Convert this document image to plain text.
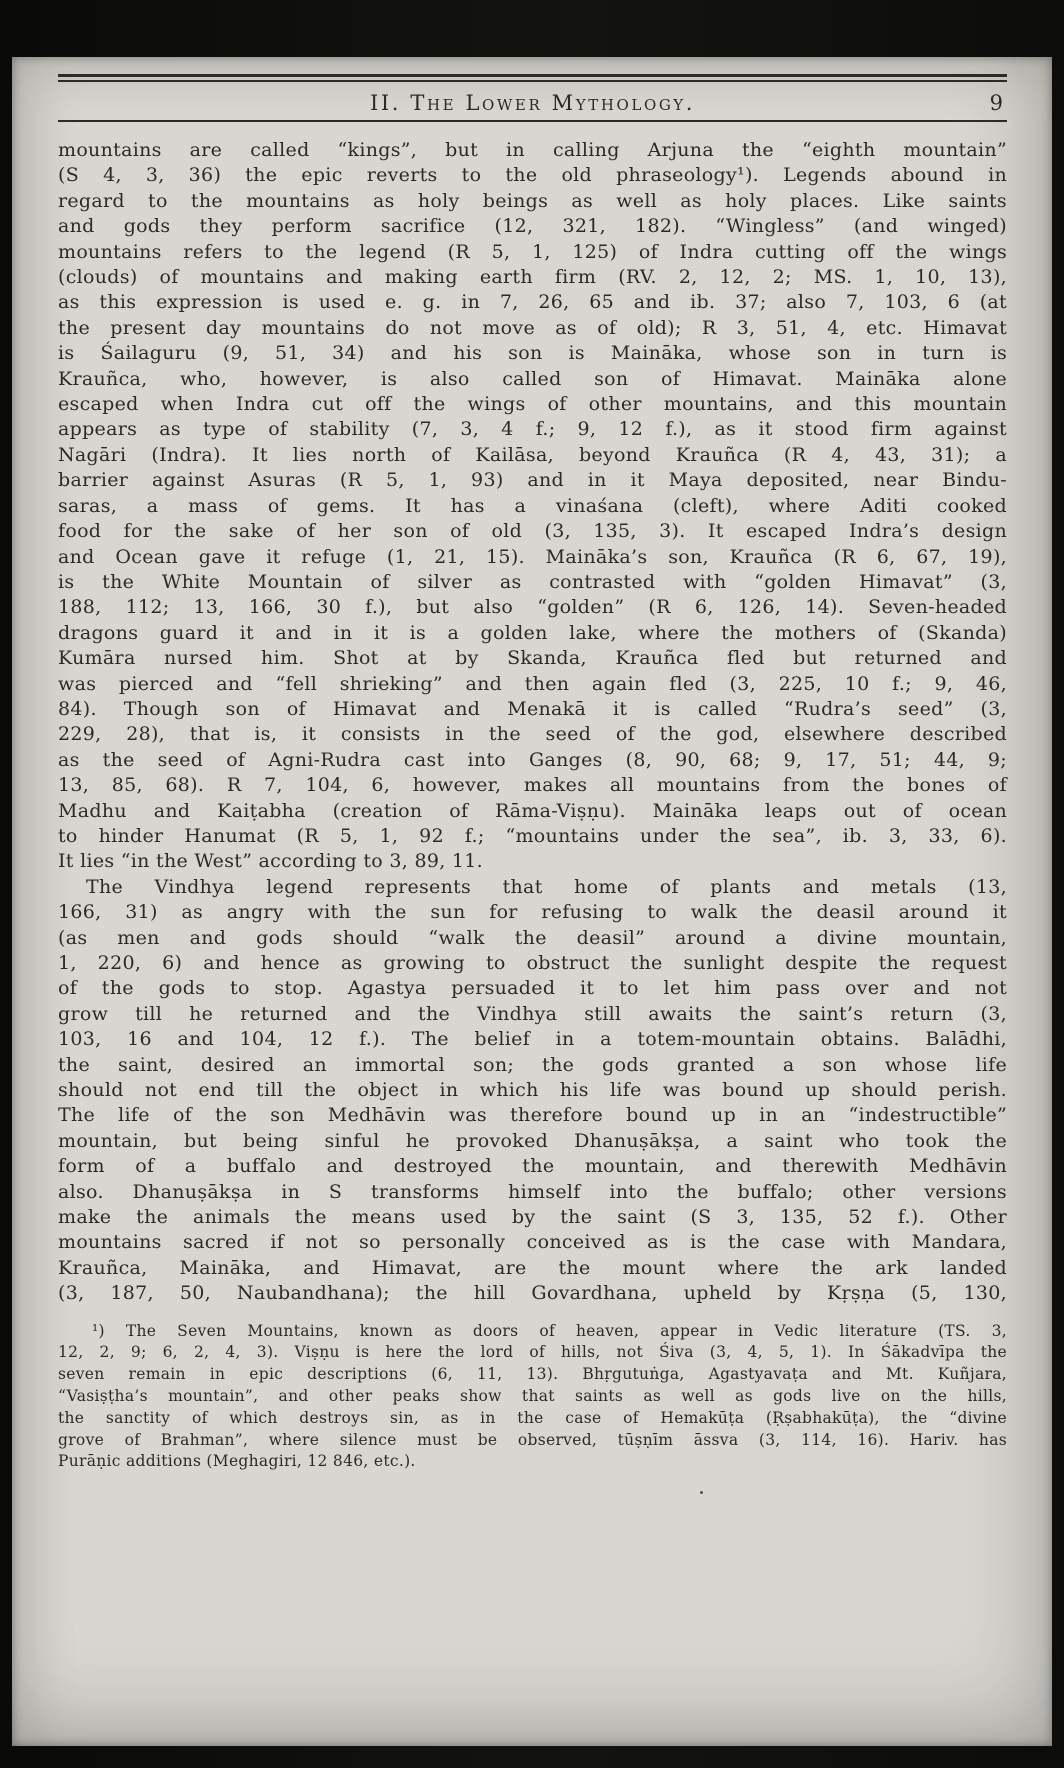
II. The Lower Mythology.	9
mountains are called “kings”, but in calling Arjuna the “eighth mountain”
(S 4, 3, 36) the epic reverts to the old phraseology¹). Legends abound in
regard to the mountains as holy beings as well as holy places. Like saints
and gods they perform sacrifice (12, 321, 182). “Wingless” (and winged)
mountains refers to the legend (R 5, 1, 125) of Indra cutting off the wings
(clouds) of mountains and making earth firm (RV. 2, 12, 2; MS. 1, 10, 13),
as this expression is used e. g. in 7, 26, 65 and ib. 37; also 7, 103, 6 (at
the present day mountains do not move as of old); R 3, 51, 4, etc. Himavat
is Śailaguru (9, 51, 34) and his son is Maināka, whose son in turn is
Krauñca, who, however, is also called son of Himavat. Maināka alone
escaped when Indra cut off the wings of other mountains, and this mountain
appears as type of stability (7, 3, 4 f.; 9, 12 f.), as it stood firm against
Nagāri (Indra). It lies north of Kailāsa, beyond Krauñca (R 4, 43, 31); a
barrier against Asuras (R 5, 1, 93) and in it Maya deposited, near Bindu-
saras, a mass of gems. It has a vinaśana (cleft), where Aditi cooked
food for the sake of her son of old (3, 135, 3). It escaped Indra’s design
and Ocean gave it refuge (1, 21, 15). Maināka’s son, Krauñca (R 6, 67, 19),
is the White Mountain of silver as contrasted with “golden Himavat” (3,
188, 112; 13, 166, 30 f.), but also “golden” (R 6, 126, 14). Seven-headed
dragons guard it and in it is a golden lake, where the mothers of (Skanda)
Kumāra nursed him. Shot at by Skanda, Krauñca fled but returned and
was pierced and “fell shrieking” and then again fled (3, 225, 10 f.; 9, 46,
84). Though son of Himavat and Menakā it is called “Rudra’s seed” (3,
229, 28), that is, it consists in the seed of the god, elsewhere described
as the seed of Agni-Rudra cast into Ganges (8, 90, 68; 9, 17, 51; 44, 9;
13, 85, 68). R 7, 104, 6, however, makes all mountains from the bones of
Madhu and Kaiṭabha (creation of Rāma-Viṣṇu). Maināka leaps out of ocean
to hinder Hanumat (R 5, 1, 92 f.; “mountains under the sea”, ib. 3, 33, 6).
It lies “in the West” according to 3, 89, 11.
The Vindhya legend represents that home of plants and metals (13,
166, 31) as angry with the sun for refusing to walk the deasil around it
(as men and gods should “walk the deasil” around a divine mountain,
1, 220, 6) and hence as growing to obstruct the sunlight despite the request
of the gods to stop. Agastya persuaded it to let him pass over and not
grow till he returned and the Vindhya still awaits the saint’s return (3,
103, 16 and 104, 12 f.). The belief in a totem-mountain obtains. Balādhi,
the saint, desired an immortal son; the gods granted a son whose life
should not end till the object in which his life was bound up should perish.
The life of the son Medhāvin was therefore bound up in an “indestructible”
mountain, but being sinful he provoked Dhanuṣākṣa, a saint who took the
form of a buffalo and destroyed the mountain, and therewith Medhāvin
also. Dhanuṣākṣa in S transforms himself into the buffalo; other versions
make the animals the means used by the saint (S 3, 135, 52 f.). Other
mountains sacred if not so personally conceived as is the case with Mandara,
Krauñca, Maināka, and Himavat, are the mount where the ark landed
(3, 187, 50, Naubandhana); the hill Govardhana, upheld by Kṛṣṇa (5, 130,
¹) The Seven Mountains, known as doors of heaven, appear in Vedic literature (TS. 3,
12, 2, 9; 6, 2, 4, 3). Viṣṇu is here the lord of hills, not Śiva (3, 4, 5, 1). In Śākadvīpa the
seven remain in epic descriptions (6, 11, 13). Bhṛgutuṅga, Agastyavaṭa and Mt. Kuñjara,
“Vasiṣṭha’s mountain”, and other peaks show that saints as well as gods live on the hills,
the sanctity of which destroys sin, as in the case of Hemakūṭa (Ṛṣabhakūṭa), the “divine
grove of Brahman”, where silence must be observed, tūṣṇīm āssva (3, 114, 16). Hariv. has
Purāṇic additions (Meghagiri, 12 846, etc.).
